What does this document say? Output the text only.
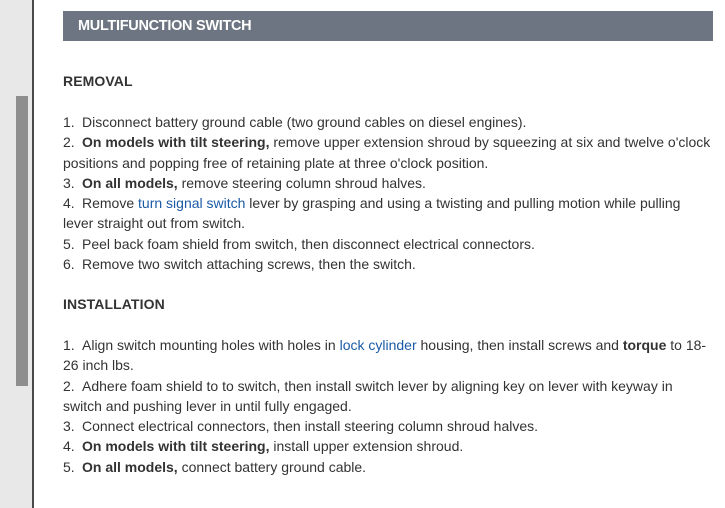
MULTIFUNCTION SWITCH
REMOVAL
1. Disconnect battery ground cable (two ground cables on diesel engines).
2. On models with tilt steering, remove upper extension shroud by squeezing at six and twelve o'clock positions and popping free of retaining plate at three o'clock position.
3. On all models, remove steering column shroud halves.
4. Remove turn signal switch lever by grasping and using a twisting and pulling motion while pulling lever straight out from switch.
5. Peel back foam shield from switch, then disconnect electrical connectors.
6. Remove two switch attaching screws, then the switch.
INSTALLATION
1. Align switch mounting holes with holes in lock cylinder housing, then install screws and torque to 18-26 inch lbs.
2. Adhere foam shield to to switch, then install switch lever by aligning key on lever with keyway in switch and pushing lever in until fully engaged.
3. Connect electrical connectors, then install steering column shroud halves.
4. On models with tilt steering, install upper extension shroud.
5. On all models, connect battery ground cable.
